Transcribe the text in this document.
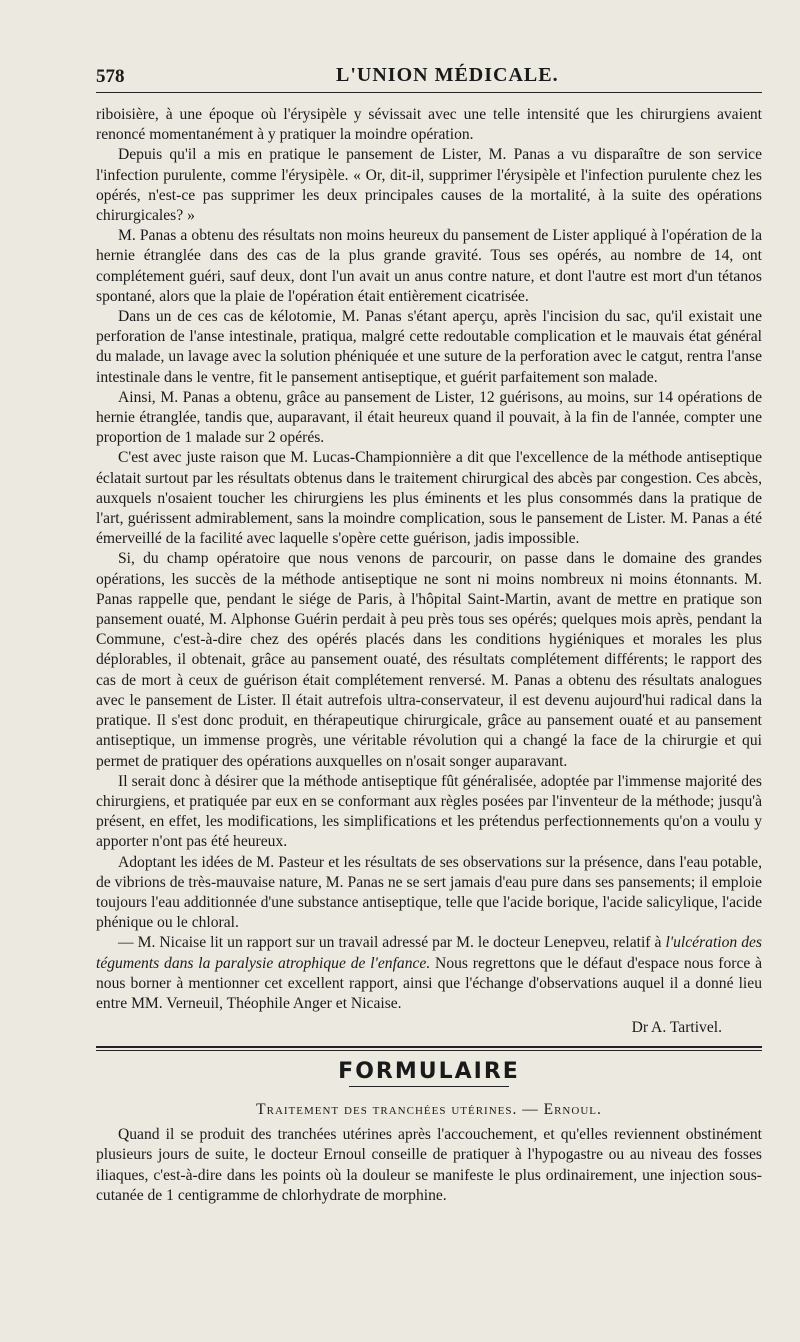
578	L'UNION MÉDICALE.

riboisière, à une époque où l'érysipèle y sévissait avec une telle intensité que les chirurgiens avaient renoncé momentanément à y pratiquer la moindre opération.

Depuis qu'il a mis en pratique le pansement de Lister, M. Panas a vu disparaître de son service l'infection purulente, comme l'érysipèle. « Or, dit-il, supprimer l'érysipèle et l'infection purulente chez les opérés, n'est-ce pas supprimer les deux principales causes de la mortalité, à la suite des opérations chirurgicales? »

M. Panas a obtenu des résultats non moins heureux du pansement de Lister appliqué à l'opération de la hernie étranglée dans des cas de la plus grande gravité. Tous ses opérés, au nombre de 14, ont complétement guéri, sauf deux, dont l'un avait un anus contre nature, et dont l'autre est mort d'un tétanos spontané, alors que la plaie de l'opération était entièrement cicatrisée.

Dans un de ces cas de kélotomie, M. Panas s'étant aperçu, après l'incision du sac, qu'il existait une perforation de l'anse intestinale, pratiqua, malgré cette redoutable complication et le mauvais état général du malade, un lavage avec la solution phéniquée et une suture de la perforation avec le catgut, rentra l'anse intestinale dans le ventre, fit le pansement antiseptique, et guérit parfaitement son malade.

Ainsi, M. Panas a obtenu, grâce au pansement de Lister, 12 guérisons, au moins, sur 14 opérations de hernie étranglée, tandis que, auparavant, il était heureux quand il pouvait, à la fin de l'année, compter une proportion de 1 malade sur 2 opérés.

C'est avec juste raison que M. Lucas-Championnière a dit que l'excellence de la méthode antiseptique éclatait surtout par les résultats obtenus dans le traitement chirurgical des abcès par congestion. Ces abcès, auxquels n'osaient toucher les chirurgiens les plus éminents et les plus consommés dans la pratique de l'art, guérissent admirablement, sans la moindre complication, sous le pansement de Lister. M. Panas a été émerveillé de la facilité avec laquelle s'opère cette guérison, jadis impossible.

Si, du champ opératoire que nous venons de parcourir, on passe dans le domaine des grandes opérations, les succès de la méthode antiseptique ne sont ni moins nombreux ni moins étonnants. M. Panas rappelle que, pendant le siége de Paris, à l'hôpital Saint-Martin, avant de mettre en pratique son pansement ouaté, M. Alphonse Guérin perdait à peu près tous ses opérés; quelques mois après, pendant la Commune, c'est-à-dire chez des opérés placés dans les conditions hygiéniques et morales les plus déplorables, il obtenait, grâce au pansement ouaté, des résultats complétement différents; le rapport des cas de mort à ceux de guérison était complétement renversé. M. Panas a obtenu des résultats analogues avec le pansement de Lister. Il était autrefois ultra-conservateur, il est devenu aujourd'hui radical dans la pratique. Il s'est donc produit, en thérapeutique chirurgicale, grâce au pansement ouaté et au pansement antiseptique, un immense progrès, une véritable révolution qui a changé la face de la chirurgie et qui permet de pratiquer des opérations auxquelles on n'osait songer auparavant.

Il serait donc à désirer que la méthode antiseptique fût généralisée, adoptée par l'immense majorité des chirurgiens, et pratiquée par eux en se conformant aux règles posées par l'inventeur de la méthode; jusqu'à présent, en effet, les modifications, les simplifications et les prétendus perfectionnements qu'on a voulu y apporter n'ont pas été heureux.

Adoptant les idées de M. Pasteur et les résultats de ses observations sur la présence, dans l'eau potable, de vibrions de très-mauvaise nature, M. Panas ne se sert jamais d'eau pure dans ses pansements; il emploie toujours l'eau additionnée d'une substance antiseptique, telle que l'acide borique, l'acide salicylique, l'acide phénique ou le chloral.

— M. Nicaise lit un rapport sur un travail adressé par M. le docteur Lenepveu, relatif à l'ulcération des téguments dans la paralysie atrophique de l'enfance. Nous regrettons que le défaut d'espace nous force à nous borner à mentionner cet excellent rapport, ainsi que l'échange d'observations auquel il a donné lieu entre MM. Verneuil, Théophile Anger et Nicaise.

Dr A. Tartivel.
FORMULAIRE
Traitement des tranchées utérines. — Ernoul.

Quand il se produit des tranchées utérines après l'accouchement, et qu'elles reviennent obstinément plusieurs jours de suite, le docteur Ernoul conseille de pratiquer à l'hypogastre ou au niveau des fosses iliaques, c'est-à-dire dans les points où la douleur se manifeste le plus ordinairement, une injection sous-cutanée de 1 centigramme de chlorhydrate de morphine.
